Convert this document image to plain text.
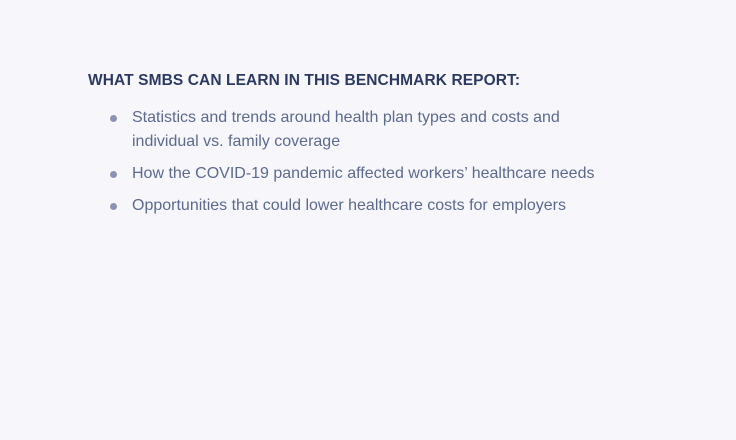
WHAT SMBS CAN LEARN IN THIS BENCHMARK REPORT:
Statistics and trends around health plan types and costs and individual vs. family coverage
How the COVID-19 pandemic affected workers’ healthcare needs
Opportunities that could lower healthcare costs for employers
